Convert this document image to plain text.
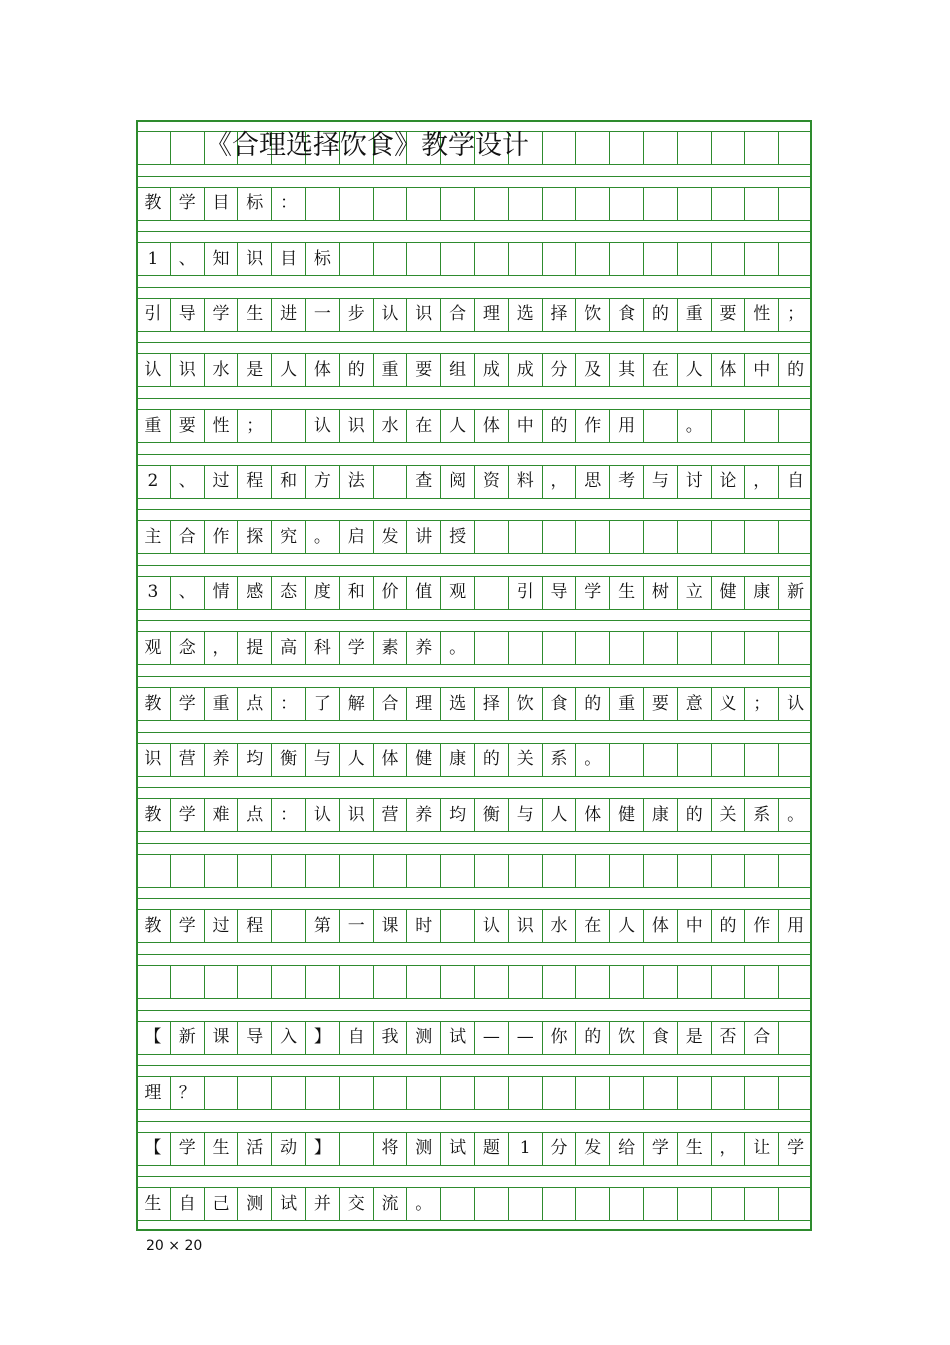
教	学 目 标 ：
1	、 知 识 目 标
引	导 学 生 进 一 步 认 识 合 理 选 择 饮 食 的 重 要 性 ；
认	识 水 是 人 体 的 重 要 组 成 成 分 及 其 在 人 体 中 的
重	要 性 ；	认 识 水 在 人 体 中 的 作 用	。
2	、 过 程 和 方 法	查 阅 资 料 ， 思 考 与 讨 论 ， 自
主	合 作 探 究 。 启 发 讲 授
3	、 情 感 态 度 和 价 值 观	引 导 学 生 树 立 健 康 新
观	念 ， 提 高 科 学 素 养 。
教	学 重 点 ： 了 解 合 理 选 择 饮 食 的 重 要 意 义 ； 认
识	营 养 均 衡 与 人 体 健 康 的 关 系 。
教	学 难 点 ： 认 识 营 养 均 衡 与 人 体 健 康 的 关 系 。
教	学 过 程	第 一 课 时	认 识 水 在 人 体 中 的 作 用
【	新 课 导 入 】 自 我 测 试 — — 你 的 饮 食 是 否 合
理	？
【	学 生 活 动 】	将 测 试 题	1	分 发 给 学 生 ， 让 学
生	自 己 测 试 并 交 流 。
《合理选择饮食》教学设计
20 × 20
